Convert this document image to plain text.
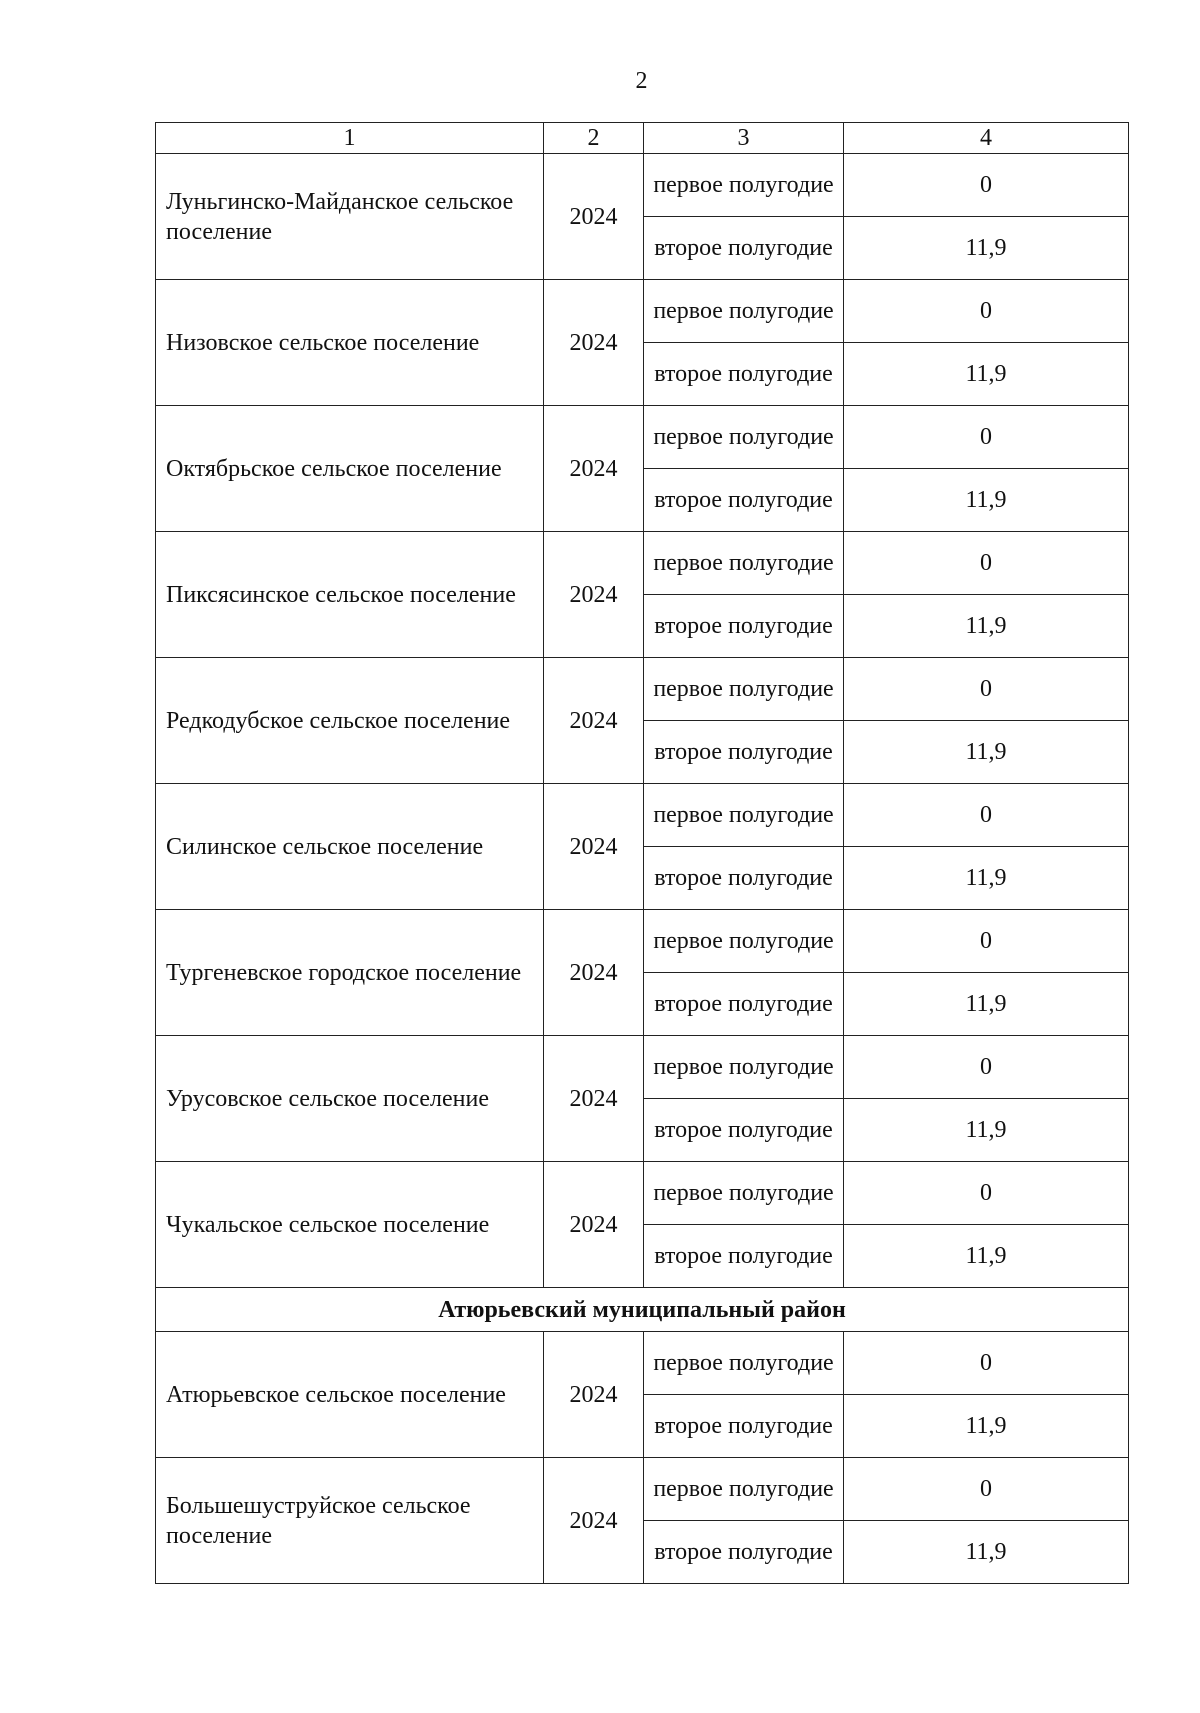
2
1	2	3	4
Луньгинско-Майданское сельское поселение	2024	первое полугодие	0
		второе полугодие	11,9
Низовское сельское поселение	2024	первое полугодие	0
		второе полугодие	11,9
Октябрьское сельское поселение	2024	первое полугодие	0
		второе полугодие	11,9
Пиксясинское сельское поселение	2024	первое полугодие	0
		второе полугодие	11,9
Редкодубское сельское поселение	2024	первое полугодие	0
		второе полугодие	11,9
Силинское сельское поселение	2024	первое полугодие	0
		второе полугодие	11,9
Тургеневское городское поселение	2024	первое полугодие	0
		второе полугодие	11,9
Урусовское сельское поселение	2024	первое полугодие	0
		второе полугодие	11,9
Чукальское сельское поселение	2024	первое полугодие	0
		второе полугодие	11,9
Атюрьевский муниципальный район			
Атюрьевское сельское поселение	2024	первое полугодие	0
		второе полугодие	11,9
Большешуструйское сельское поселение	2024	первое полугодие	0
		второе полугодие	11,9
